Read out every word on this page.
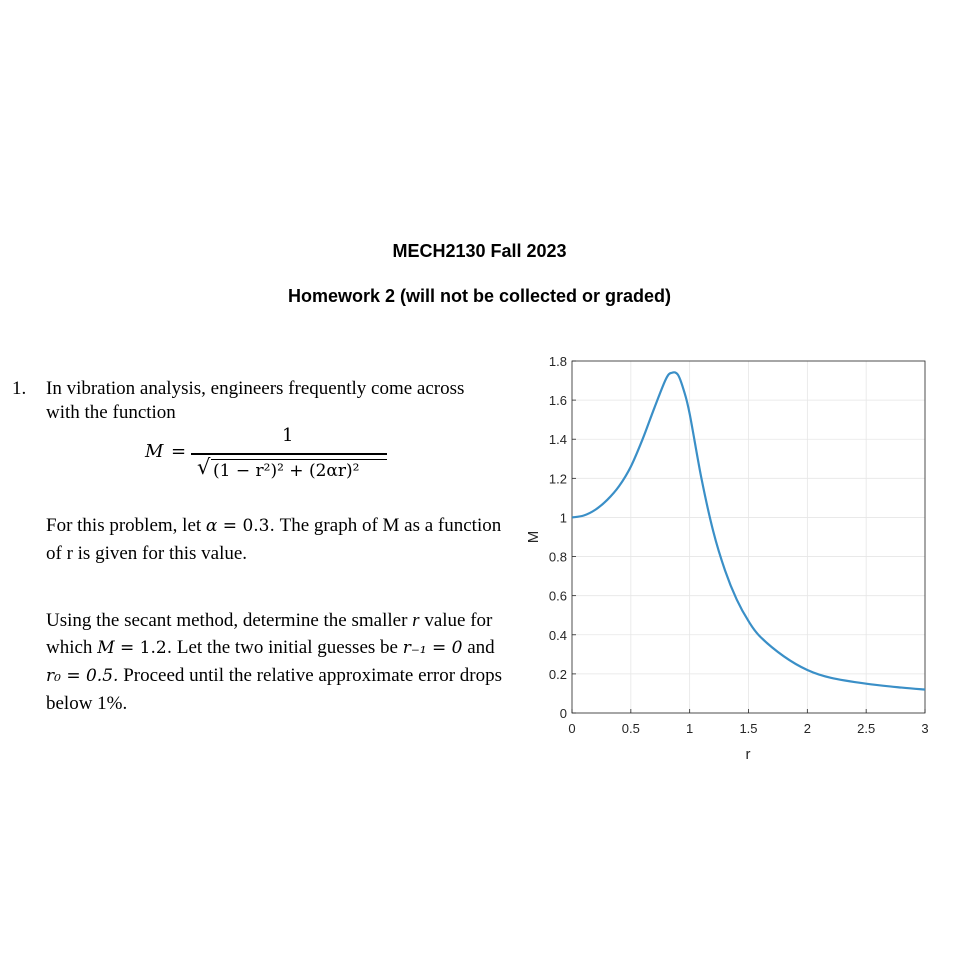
MECH2130 Fall 2023
Homework 2 (will not be collected or graded)
1. In vibration analysis, engineers frequently come across with the function
M =
1
√ (1 − r²)² + (2αr)²
For this problem, let α = 0.3. The graph of M as a function of r is given for this value.
Using the secant method, determine the smaller r value for which M = 1.2. Let the two initial guesses be r₋₁ = 0 and r₀ = 0.5. Proceed until the relative approximate error drops below 1%.
0	0.5	1	1.5	2	2.5	3
0
0.2
0.4
0.6
0.8
1
1.2
1.4
1.6
1.8
r
M
